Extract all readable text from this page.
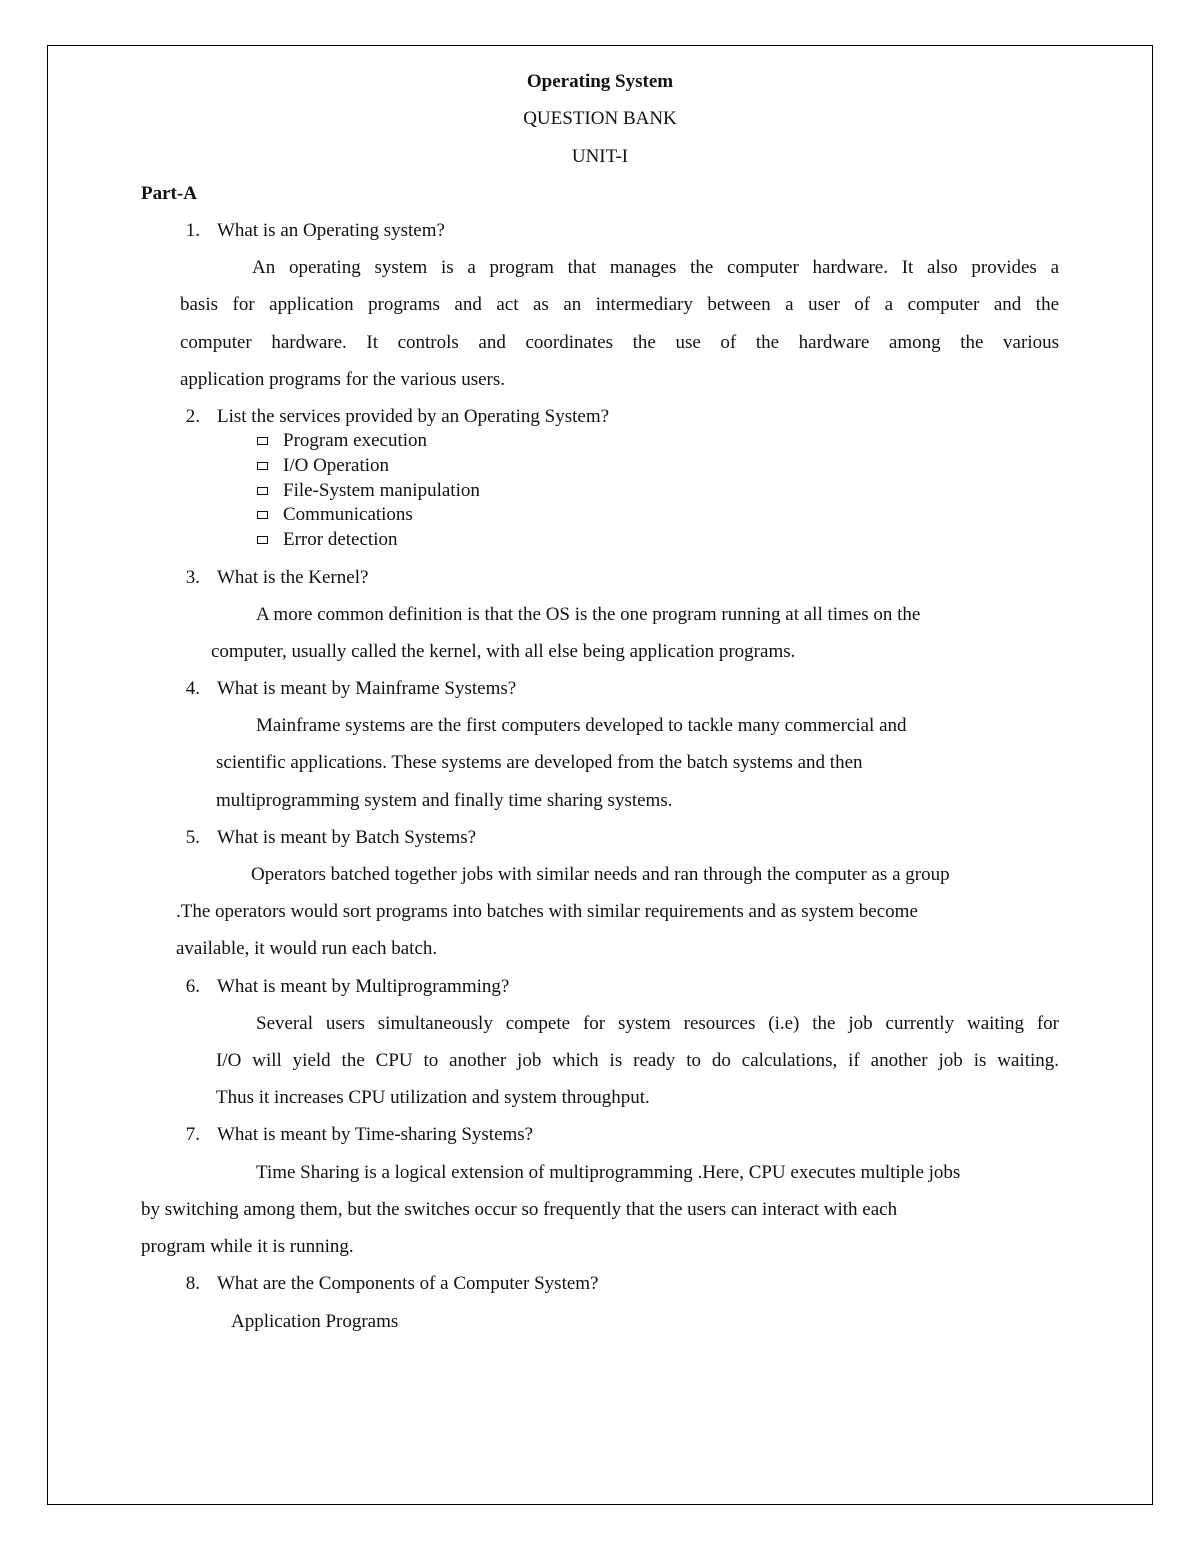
Operating System

QUESTION BANK

UNIT-I

Part-A

1. What is an Operating system?

An operating system is a program that manages the computer hardware. It also provides a

basis for application programs and act as an intermediary between a user of a computer and the

computer hardware. It controls and coordinates the use of the hardware among the various

application programs for the various users.

2. List the services provided by an Operating System?

Program execution

I/O Operation

File-System manipulation

Communications

Error detection

3. What is the Kernel?

A more common definition is that the OS is the one program running at all times on the

computer, usually called the kernel, with all else being application programs.

4. What is meant by Mainframe Systems?

Mainframe systems are the first computers developed to tackle many commercial and

scientific applications. These systems are developed from the batch systems and then

multiprogramming system and finally time sharing systems.

5. What is meant by Batch Systems?

Operators batched together jobs with similar needs and ran through the computer as a group

.The operators would sort programs into batches with similar requirements and as system become

available, it would run each batch.

6. What is meant by Multiprogramming?

Several users simultaneously compete for system resources (i.e) the job currently waiting for

I/O will yield the CPU to another job which is ready to do calculations, if another job is waiting.

Thus it increases CPU utilization and system throughput.

7. What is meant by Time-sharing Systems?

Time Sharing is a logical extension of multiprogramming .Here, CPU executes multiple jobs

by switching among them, but the switches occur so frequently that the users can interact with each

program while it is running.

8. What are the Components of a Computer System?

Application Programs
